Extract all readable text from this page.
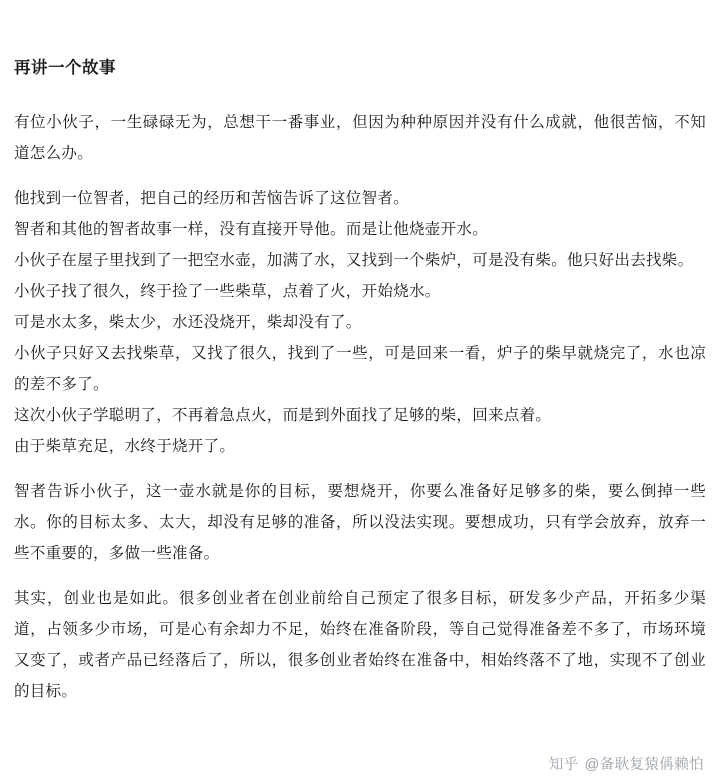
再讲一个故事

有位小伙子，一生碌碌无为，总想干一番事业，但因为种种原因并没有什么成就，他很苦恼，不知道怎么办。

他找到一位智者，把自己的经历和苦恼告诉了这位智者。

智者和其他的智者故事一样，没有直接开导他。而是让他烧壶开水。

小伙子在屋子里找到了一把空水壶，加满了水，又找到一个柴炉，可是没有柴。他只好出去找柴。

小伙子找了很久，终于捡了一些柴草，点着了火，开始烧水。

可是水太多，柴太少，水还没烧开，柴却没有了。

小伙子只好又去找柴草，又找了很久，找到了一些，可是回来一看，炉子的柴早就烧完了，水也凉的差不多了。

这次小伙子学聪明了，不再着急点火，而是到外面找了足够的柴，回来点着。

由于柴草充足，水终于烧开了。

智者告诉小伙子，这一壶水就是你的目标，要想烧开，你要么准备好足够多的柴，要么倒掉一些水。你的目标太多、太大，却没有足够的准备，所以没法实现。要想成功，只有学会放弃，放弃一些不重要的，多做一些准备。

其实，创业也是如此。很多创业者在创业前给自己预定了很多目标，研发多少产品，开拓多少渠道，占领多少市场，可是心有余却力不足，始终在准备阶段，等自己觉得准备差不多了，市场环境又变了，或者产品已经落后了，所以，很多创业者始终在准备中，相始终落不了地，实现不了创业的目标。

知乎 @备耿复猿偁赖怕
